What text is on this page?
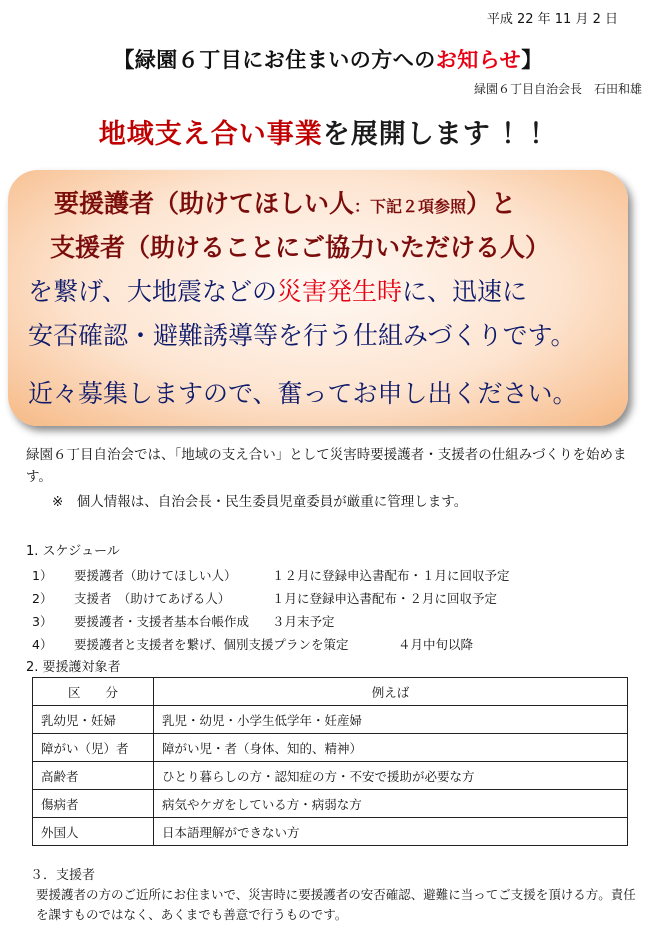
平成 22 年 11 月 2 日
【緑園６丁目にお住まいの方へのお知らせ】
緑園６丁目自治会長　石田和雄
地域支え合い事業を展開します ！！
要援護者（助けてほしい人：下記２項参照）と
支援者（助けることにご協力いただける人）
を繋げ、大地震などの災害発生時に、迅速に
安否確認・避難誘導等を行う仕組みづくりです。
近々募集しますので、奮ってお申し出ください。
緑園６丁目自治会では、「地域の支え合い」として災害時要援護者・支援者の仕組みづくりを始めます。
※　個人情報は、自治会長・民生委員児童委員が厳重に管理します。
1. スケジュール
1） 要援護者（助けてほしい人）	１２月に登録申込書配布・１月に回収予定
2） 支援者　（助けてあげる人）	１月に登録申込書配布・２月に回収予定
3） 要援護者・支援者基本台帳作成 ３月末予定
4） 要援護者と支援者を繋げ、個別支援プランを策定	４月中旬以降
2. 要援護対象者
区　　分	例えば
乳幼児・妊婦	乳児・幼児・小学生低学年・妊産婦
障がい（児）者	障がい児・者（身体、知的、精神）
高齢者	ひとり暮らしの方・認知症の方・不安で援助が必要な方
傷病者	病気やケガをしている方・病弱な方
外国人	日本語理解ができない方
３．支援者
要援護者の方のご近所にお住まいで、災害時に要援護者の安否確認、避難に当ってご支援を頂ける方。責任を課すものではなく、あくまでも善意で行うものです。
